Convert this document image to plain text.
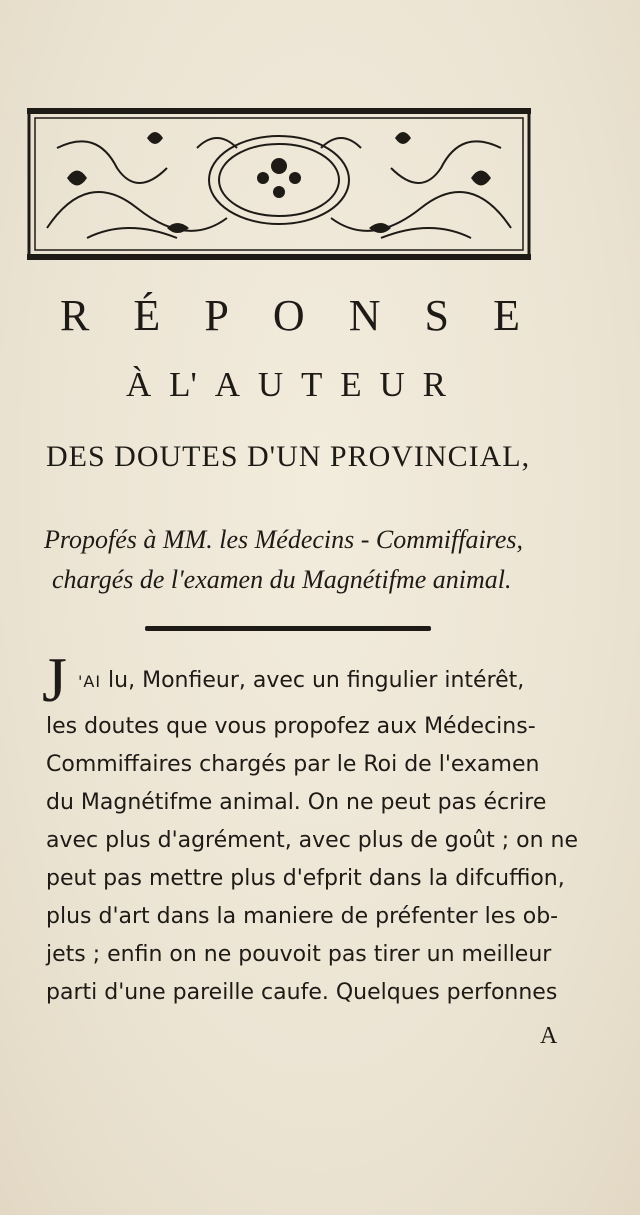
R É P O N S E
À L' A U T E U R
DES DOUTES D'UN PROVINCIAL,
Propofés à MM. les Médecins - Commiffaires,
chargés de l'examen du Magnétifme animal.
J 'AI lu, Monfieur, avec un fingulier intérêt,
les doutes que vous propofez aux Médecins-
Commiffaires chargés par le Roi de l'examen
du Magnétifme animal. On ne peut pas écrire
avec plus d'agrément, avec plus de goût ; on ne
peut pas mettre plus d'efprit dans la difcuffion,
plus d'art dans la maniere de préfenter les ob-
jets ; enfin on ne pouvoit pas tirer un meilleur
parti d'une pareille caufe. Quelques perfonnes
A
